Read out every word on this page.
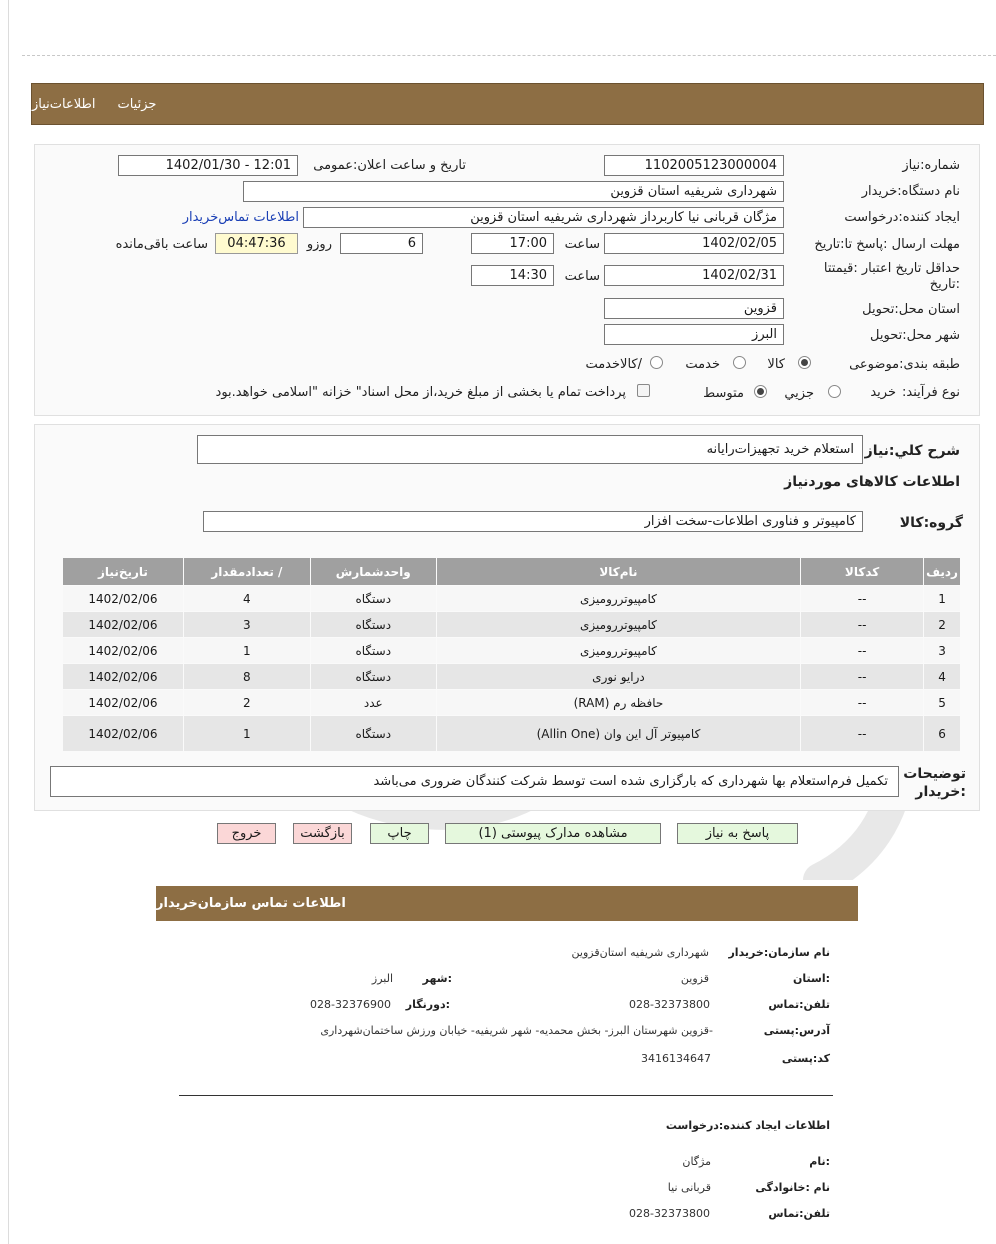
جزئیات
اطلاعات‌نیاز
شماره:نیاز
1102005123000004
تاریخ و ساعت اعلان:عمومی
1402/01/30 - 12:01
نام دستگاه:خریدار
شهرداری شریفیه استان قزوین
ایجاد کننده:درخواست
مژگان قربانی نیا کاربرداز شهرداری شریفیه استان قزوین
اطلاعات تماس‌خریدار
مهلت ارسال :پاسخ تا:تاریخ
1402/02/05
ساعت
17:00
6
روزو
04:47:36
ساعت باقی‌مانده
حداقل تاریخ اعتبار :قیمتتا
:تاریخ
1402/02/31
ساعت
14:30
استان محل:تحویل
قزوین
شهر محل:تحویل
البرز
طبقه بندی:موضوعی
کالا
خدمت
/کالاخدمت
نوع فرآیند:
خرید
جزیي
متوسط
پرداخت تمام یا بخشی از مبلغ خرید،از محل اسناد" خزانه "اسلامی خواهد.بود
شرح کلي:نیاز
استعلام خرید تجهیزات‌رایانه
اطلاعات کالاهای موردنیاز
گروه:کالا
کامپیوتر و فناوری اطلاعات-سخت افزار
ردیف	کدکالا	نام‌کالا	واحدشمارش	/ تعدادمقدار	تاریخ‌نیاز
1	--	کامپیوتررومیزی	دستگاه	4	1402/02/06
2	--	کامپیوتررومیزی	دستگاه	3	1402/02/06
3	--	کامپیوتررومیزی	دستگاه	1	1402/02/06
4	--	درایو نوری	دستگاه	8	1402/02/06
5	--	حافظه رم (RAM)	عدد	2	1402/02/06
6	--	کامپیوتر آل این وان (Allin One)	دستگاه	1	1402/02/06
توضیحات
:خریدار
تکمیل فرم‌استعلام بها شهرداری که بارگزاری شده است توسط شرکت کنندگان ضروری می‌باشد
پاسخ به نیاز
مشاهده مدارک پیوستی (1)
چاپ
بازگشت
خروج
اطلاعات تماس سازمان‌خریدار
نام سازمان:خریدار
شهرداری شریفیه استان‌قزوین
:استان
قزوین
:شهر
البرز
تلفن:تماس
028-32373800
:دورنگار
028-32376900
آدرس:پستی
-قزوین شهرستان البرز- بخش محمدیه- شهر شریفیه- خیابان ورزش ساختمان‌شهرداری
کد:پستی
3416134647
اطلاعات ایجاد کننده:درخواست
:نام
مژگان
نام :خانوادگی
قربانی نیا
تلفن:تماس
028-32373800
